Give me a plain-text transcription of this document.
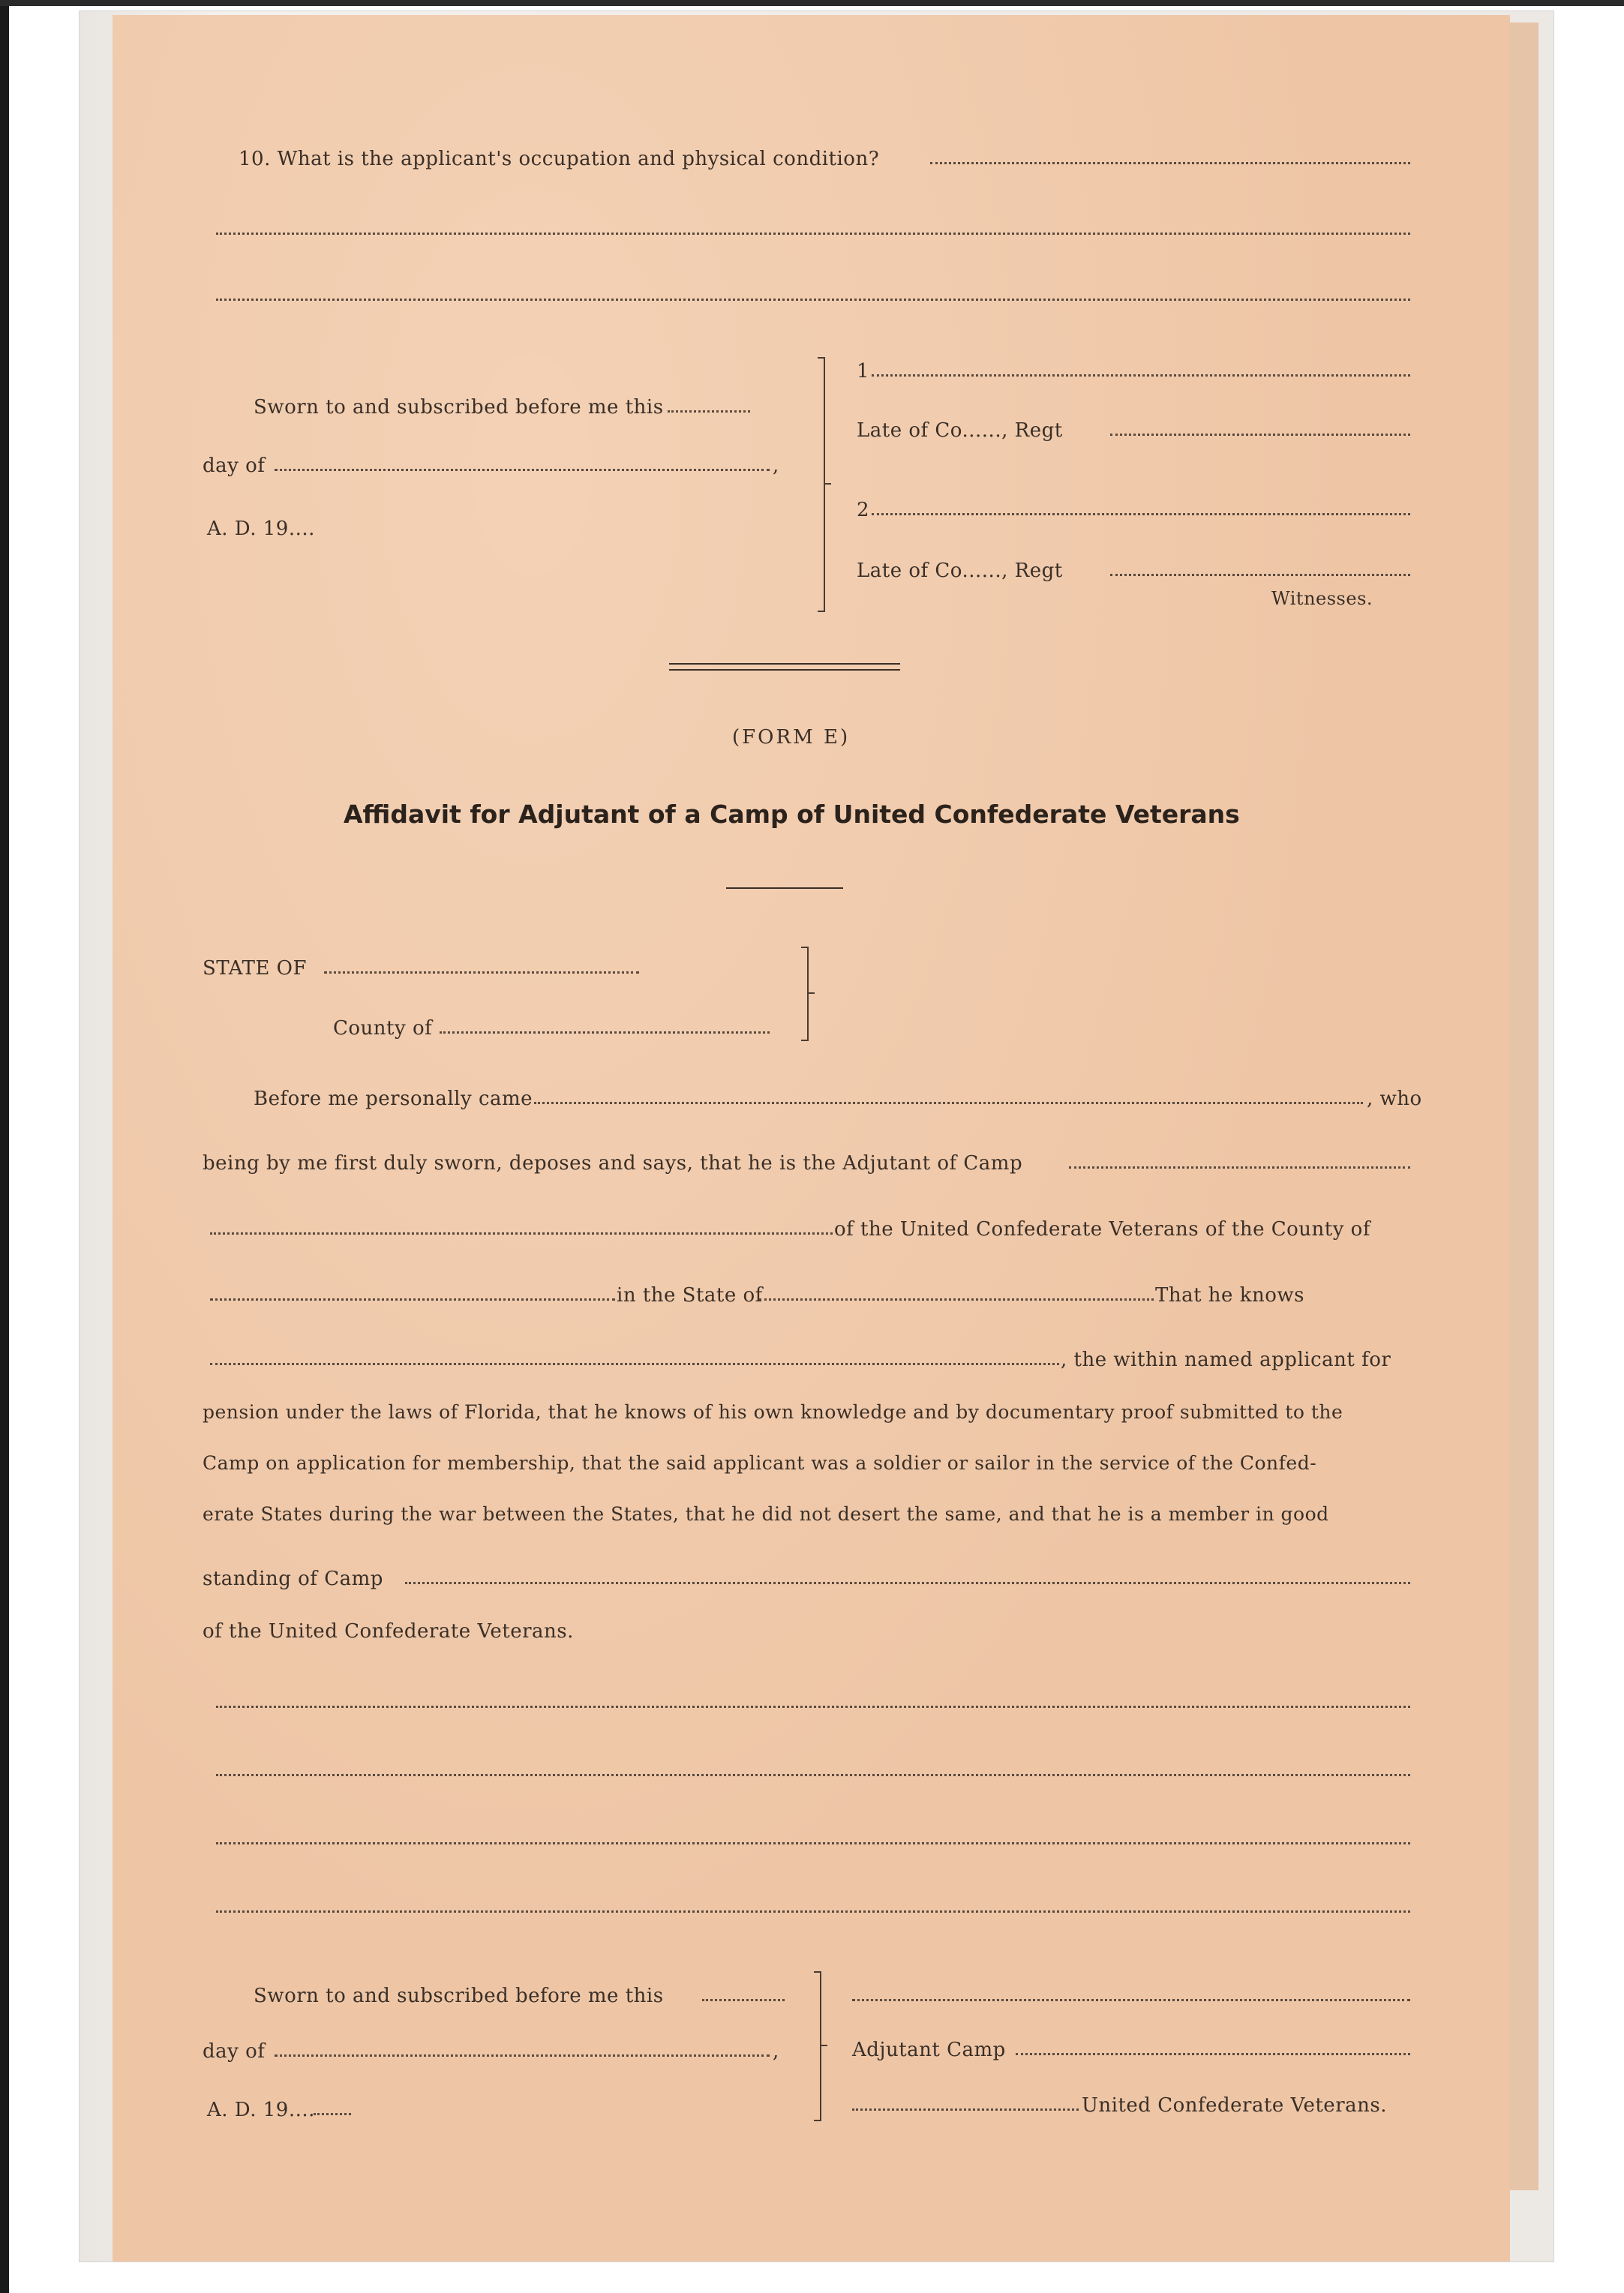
10. What is the applicant's occupation and physical condition?
Sworn to and subscribed before me this
day of	,
A. D. 19....
1
Late of Co......, Regt
2
Late of Co......, Regt
Witnesses.
(FORM E)
Affidavit for Adjutant of a Camp of United Confederate Veterans
STATE OF
County of
Before me personally came	, who
being by me first duly sworn, deposes and says, that he is the Adjutant of Camp
of the United Confederate Veterans of the County of
in the State of	That he knows
, the within named applicant for
pension under the laws of Florida, that he knows of his own knowledge and by documentary proof submitted to the
Camp on application for membership, that the said applicant was a soldier or sailor in the service of the Confed-
erate States during the war between the States, that he did not desert the same, and that he is a member in good
standing of Camp
of the United Confederate Veterans.
Sworn to and subscribed before me this
day of	,
A. D. 19....
Adjutant Camp
United Confederate Veterans.
